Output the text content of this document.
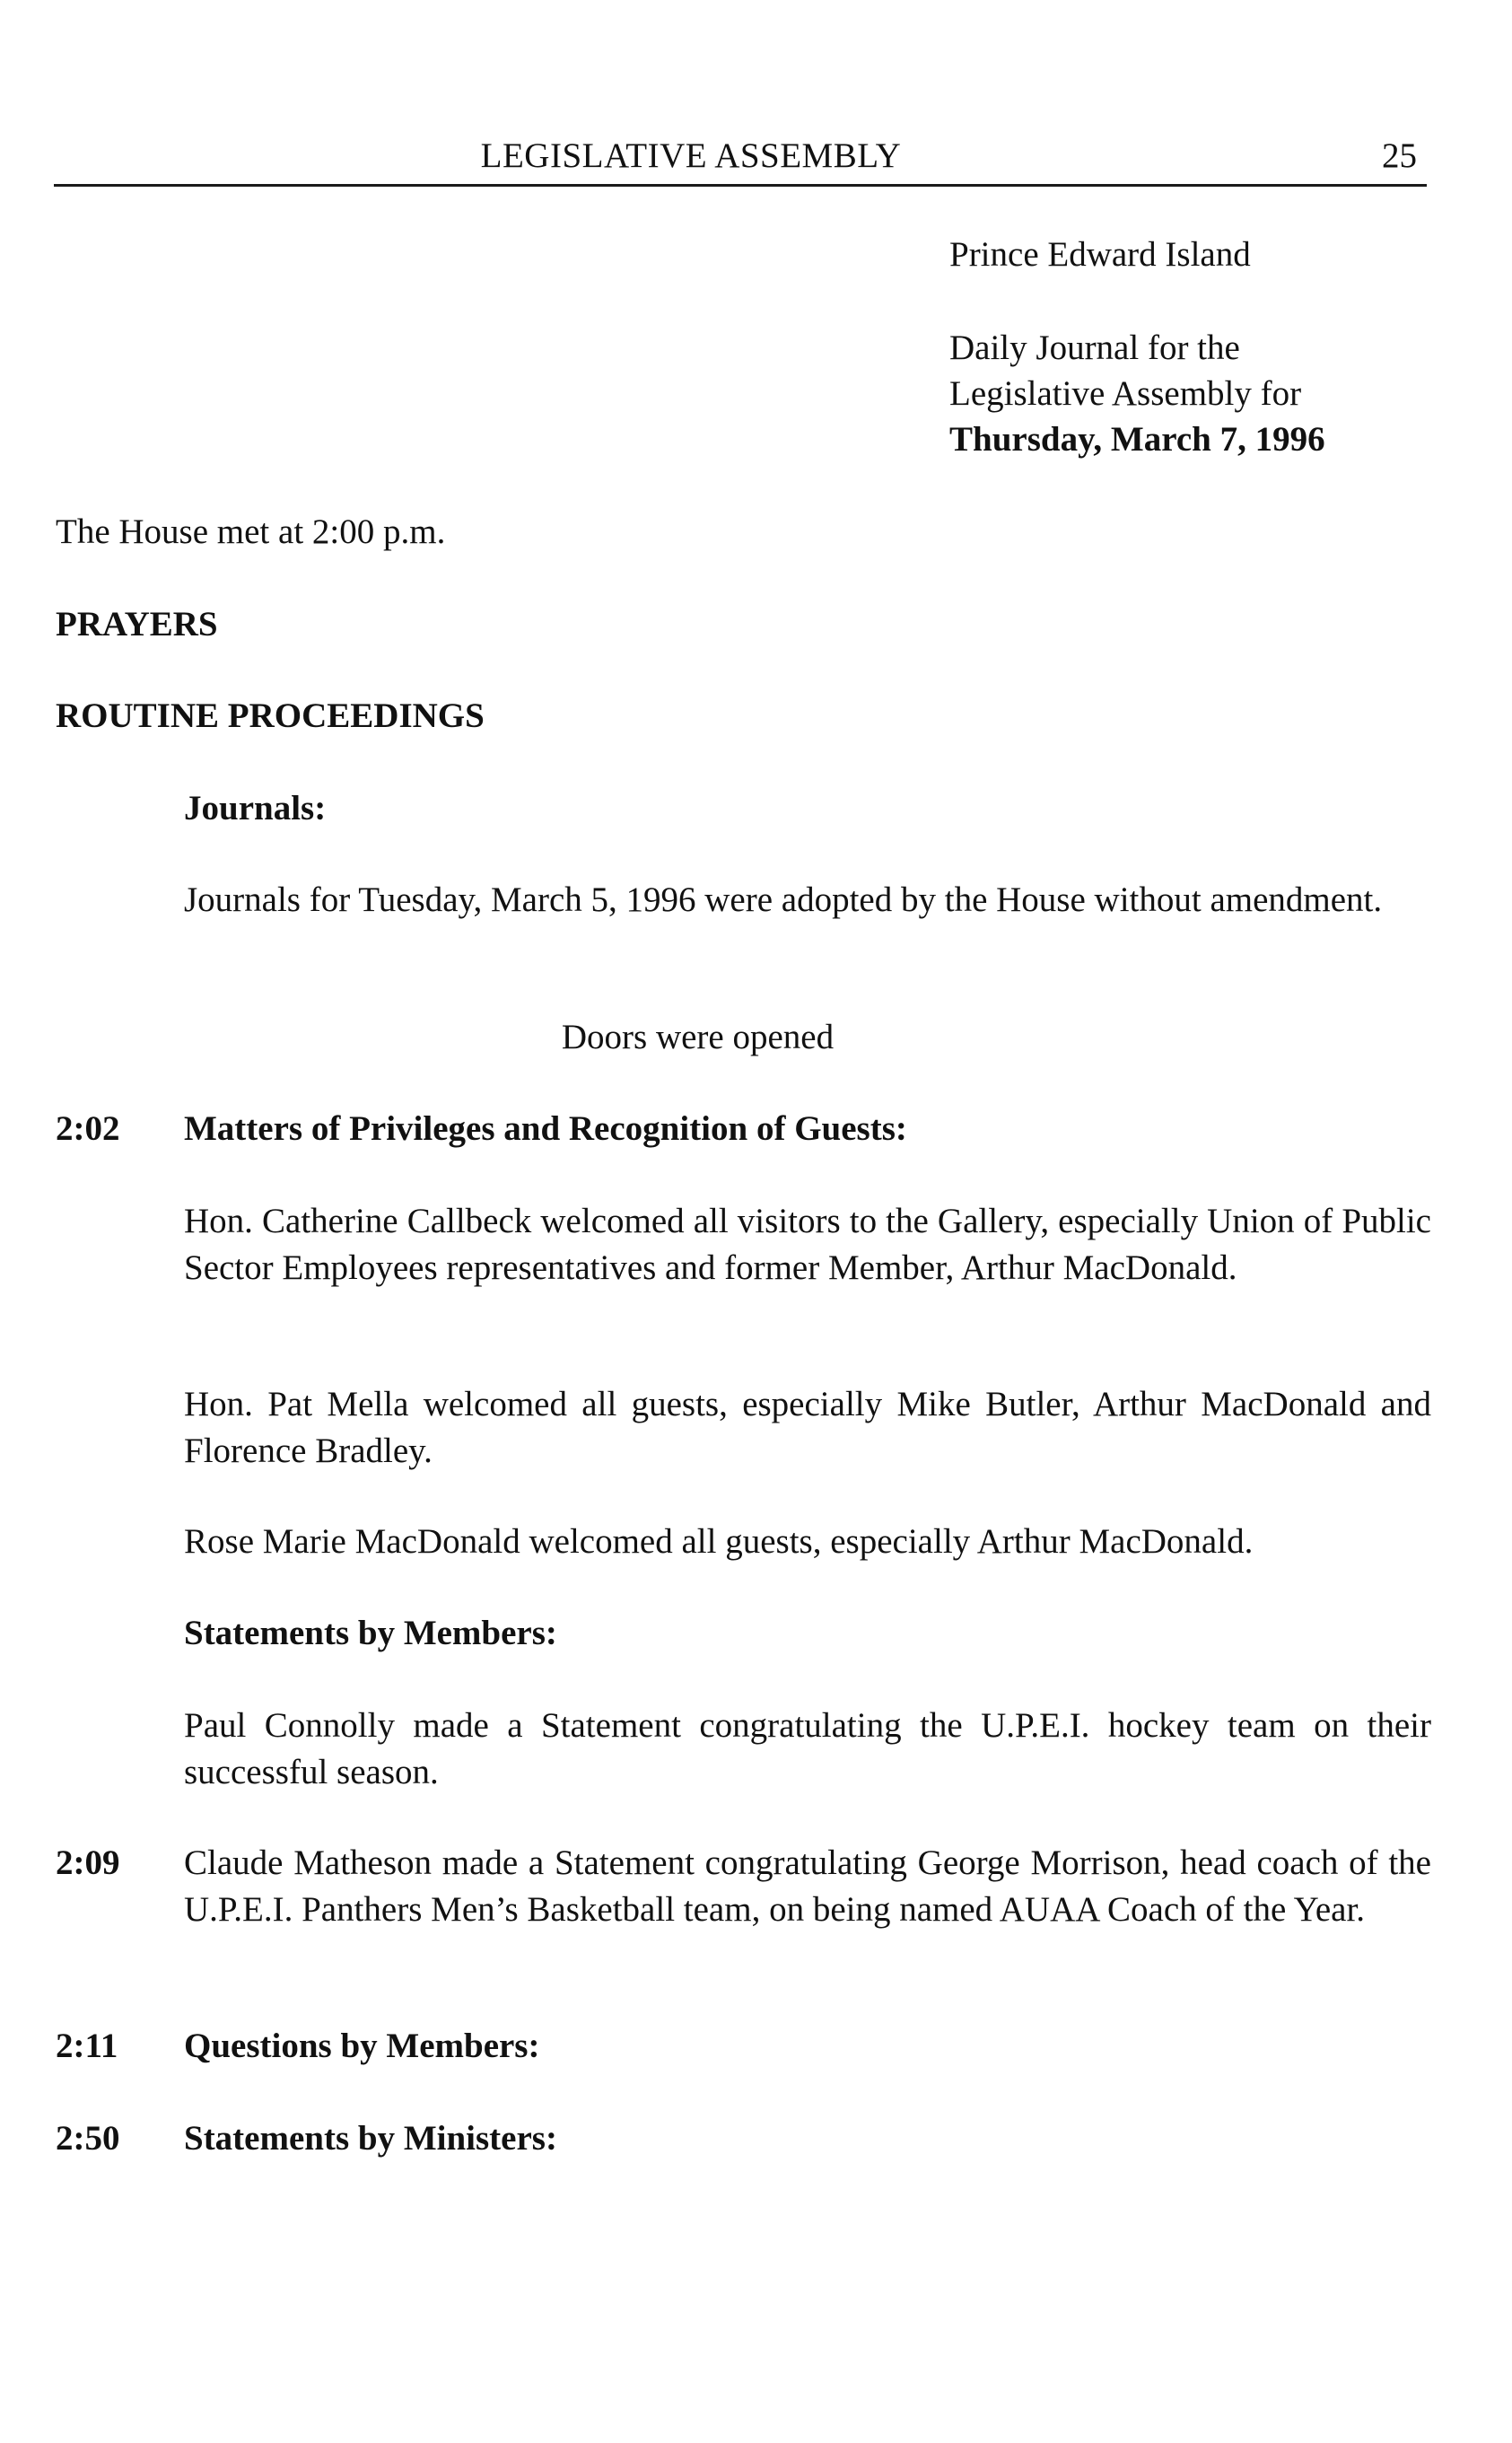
LEGISLATIVE ASSEMBLY	25
Prince Edward Island
Daily Journal for the
Legislative Assembly for
Thursday, March 7, 1996
The House met at 2:00 p.m.
PRAYERS
ROUTINE PROCEEDINGS
Journals:
Journals for Tuesday, March 5, 1996 were adopted by the House without amendment.
Doors were opened
2:02 Matters of Privileges and Recognition of Guests:
Hon. Catherine Callbeck welcomed all visitors to the Gallery, especially Union of Public Sector Employees representatives and former Member, Arthur MacDonald.
Hon. Pat Mella welcomed all guests, especially Mike Butler, Arthur MacDonald and Florence Bradley.
Rose Marie MacDonald welcomed all guests, especially Arthur MacDonald.
Statements by Members:
Paul Connolly made a Statement congratulating the U.P.E.I. hockey team on their successful season.
2:09 Claude Matheson made a Statement congratulating George Morrison, head coach of the U.P.E.I. Panthers Men’s Basketball team, on being named AUAA Coach of the Year.
2:11 Questions by Members:
2:50 Statements by Ministers:
